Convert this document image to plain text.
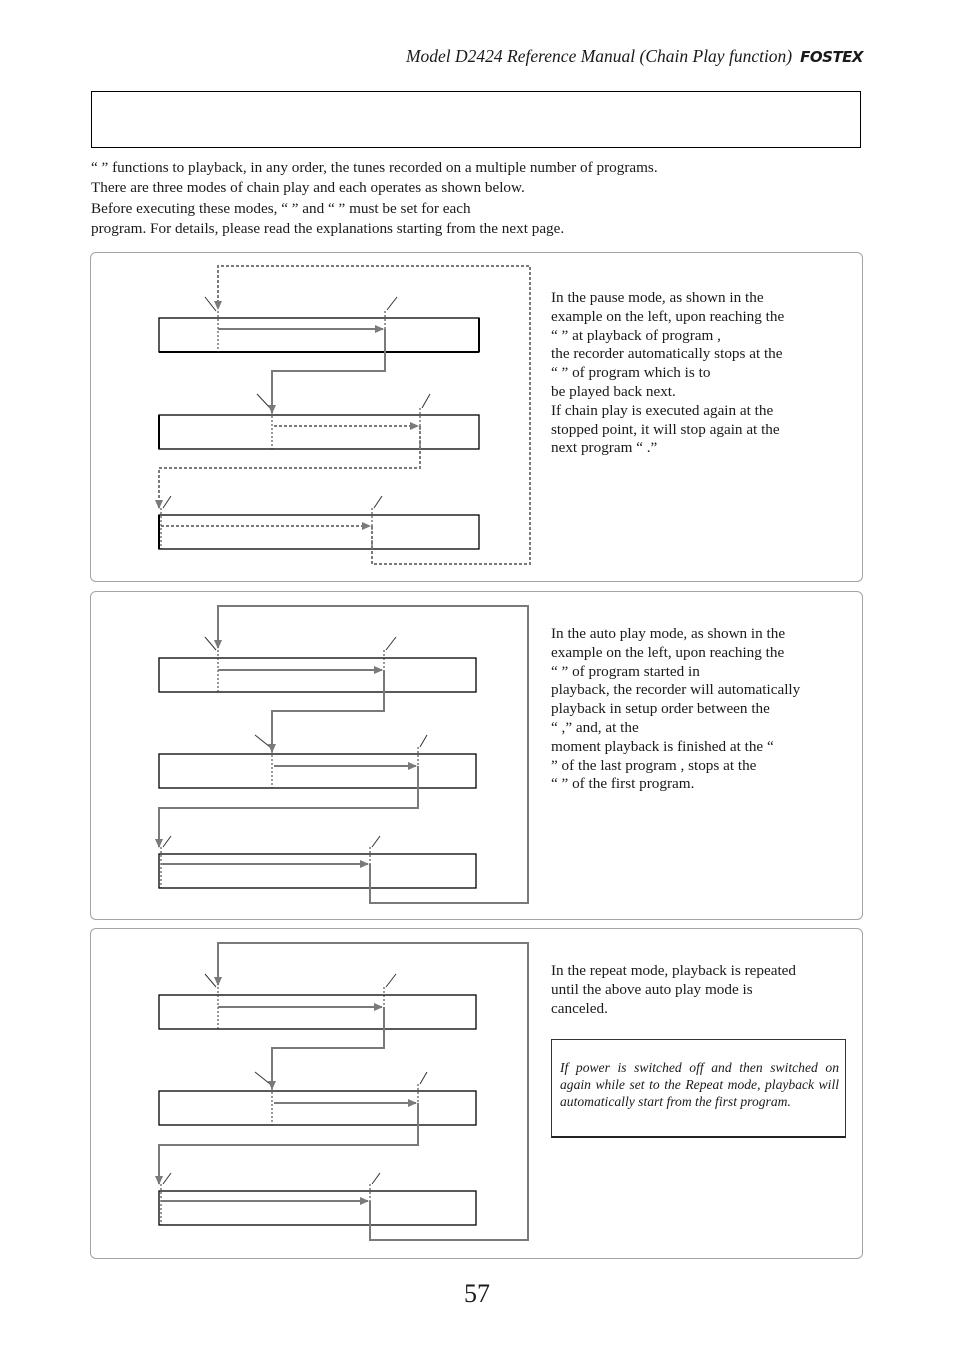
Model D2424 Reference Manual (Chain Play function) FOSTEX

“ ” functions to playback, in any order, the tunes recorded on a multiple number of programs.

There are three modes of chain play and each operates as shown below.

Before executing these modes, “ ” and “ ” must be set for each

program. For details, please read the explanations starting from the next page.

In the pause mode, as shown in the

example on the left, upon reaching the

“ ” at playback of program ,

the recorder automatically stops at the

“ ” of program which is to

be played back next.

If chain play is executed again at the

stopped point, it will stop again at the

next program “ .”

In the auto play mode, as shown in the

example on the left, upon reaching the

“ ” of program started in

playback, the recorder will automatically

playback in setup order between the

“ ,” and, at the

moment playback is finished at the “

” of the last program , stops at the

“ ” of the first program.

In the repeat mode, playback is repeated

until the above auto play mode is

canceled.

If power is switched off and then switched on again while set to the Repeat mode, playback will automatically start from the first program.
57
